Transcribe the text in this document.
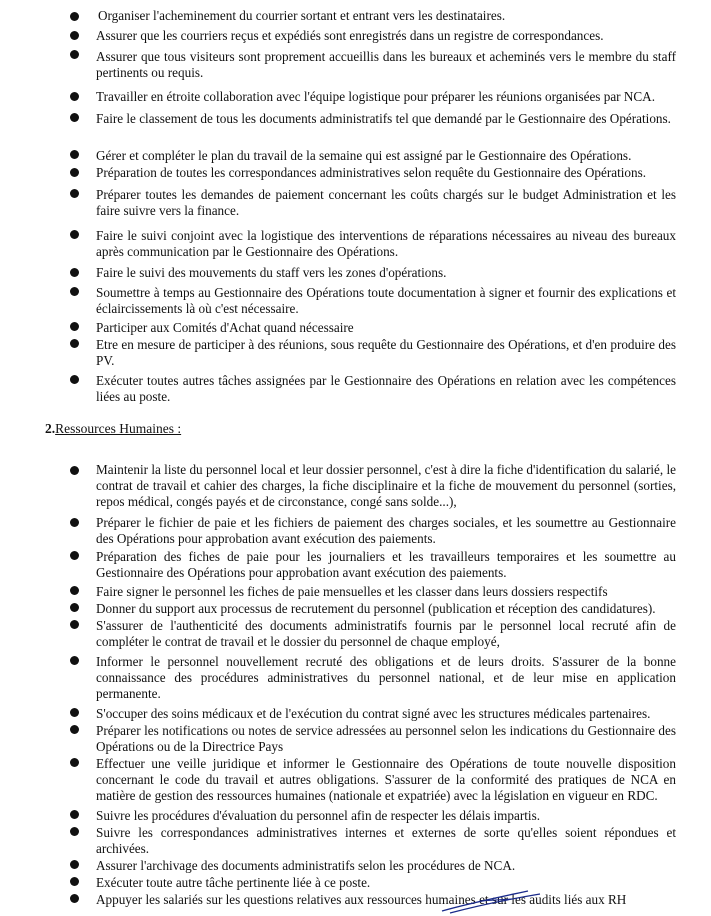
Organiser l'acheminement du courrier sortant et entrant vers les destinataires.
Assurer que les courriers reçus et expédiés sont enregistrés dans un registre de correspondances.
Assurer que tous visiteurs sont proprement accueillis dans les bureaux et acheminés vers le membre du staff pertinents ou requis.
Travailler en étroite collaboration avec l'équipe logistique pour préparer les réunions organisées par NCA.
Faire le classement de tous les documents administratifs tel que demandé par le Gestionnaire des Opérations.
Gérer et compléter le plan du travail de la semaine qui est assigné par le Gestionnaire des Opérations.
Préparation de toutes les correspondances administratives selon requête du Gestionnaire des Opérations.
Préparer toutes les demandes de paiement concernant les coûts chargés sur le budget Administration et les faire suivre vers la finance.
Faire le suivi conjoint avec la logistique des interventions de réparations nécessaires au niveau des bureaux après communication par le Gestionnaire des Opérations.
Faire le suivi des mouvements du staff vers les zones d'opérations.
Soumettre à temps au Gestionnaire des Opérations toute documentation à signer et fournir des explications et éclaircissements là où c'est nécessaire.
Participer aux Comités d'Achat quand nécessaire
Etre en mesure de participer à des réunions, sous requête du Gestionnaire des Opérations, et d'en produire des PV.
Exécuter toutes autres tâches assignées par le Gestionnaire des Opérations en relation avec les compétences liées au poste.
2.Ressources Humaines :
Maintenir la liste du personnel local et leur dossier personnel, c'est à dire la fiche d'identification du salarié, le contrat de travail et cahier des charges, la fiche disciplinaire et la fiche de mouvement du personnel (sorties, repos médical, congés payés et de circonstance, congé sans solde...),
Préparer le fichier de paie et les fichiers de paiement des charges sociales, et les soumettre au Gestionnaire des Opérations pour approbation avant exécution des paiements.
Préparation des fiches de paie pour les journaliers et les travailleurs temporaires et les soumettre au Gestionnaire des Opérations pour approbation avant exécution des paiements.
Faire signer le personnel les fiches de paie mensuelles et les classer dans leurs dossiers respectifs
Donner du support aux processus de recrutement du personnel (publication et réception des candidatures).
S'assurer de l'authenticité des documents administratifs fournis par le personnel local recruté afin de compléter le contrat de travail et le dossier du personnel de chaque employé,
Informer le personnel nouvellement recruté des obligations et de leurs droits. S'assurer de la bonne connaissance des procédures administratives du personnel national, et de leur mise en application permanente.
S'occuper des soins médicaux et de l'exécution du contrat signé avec les structures médicales partenaires.
Préparer les notifications ou notes de service adressées au personnel selon les indications du Gestionnaire des Opérations ou de la Directrice Pays
Effectuer une veille juridique et informer le Gestionnaire des Opérations de toute nouvelle disposition concernant le code du travail et autres obligations. S'assurer de la conformité des pratiques de NCA en matière de gestion des ressources humaines (nationale et expatriée) avec la législation en vigueur en RDC.
Suivre les procédures d'évaluation du personnel afin de respecter les délais impartis.
Suivre les correspondances administratives internes et externes de sorte qu'elles soient répondues et archivées.
Assurer l'archivage des documents administratifs selon les procédures de NCA.
Exécuter toute autre tâche pertinente liée à ce poste.
Appuyer les salariés sur les questions relatives aux ressources humaines et sur les audits liés aux RH
